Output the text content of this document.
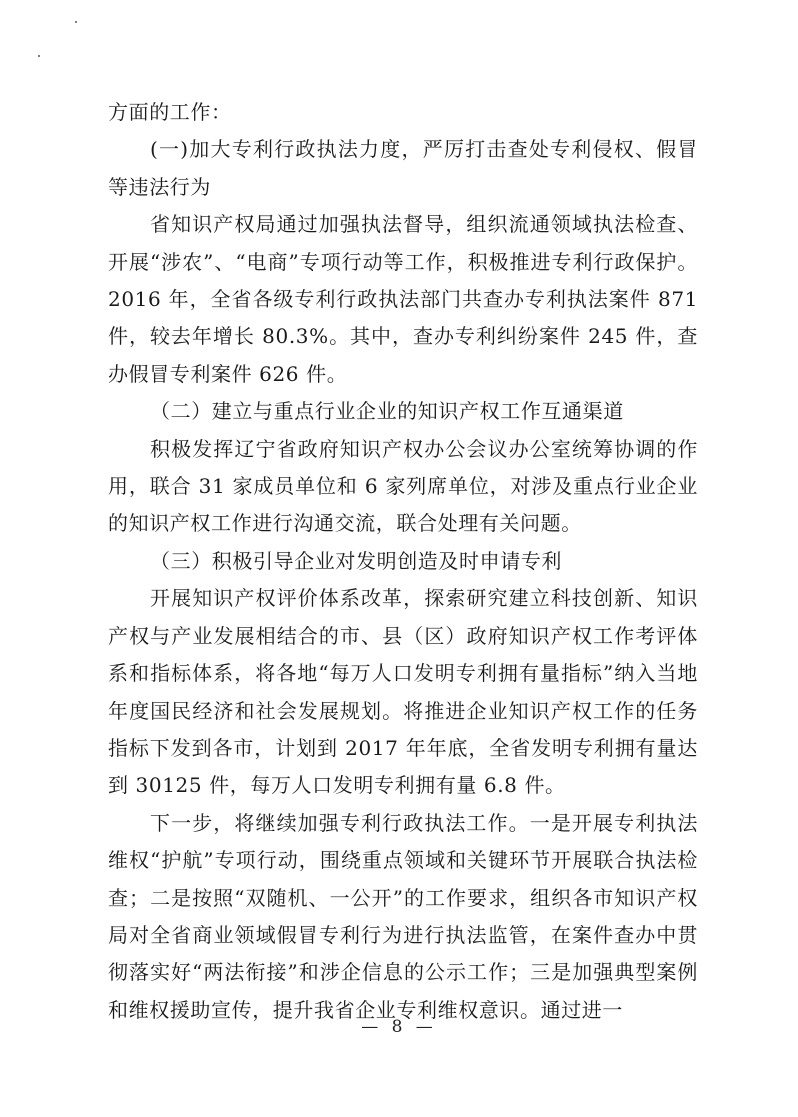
方面的工作：

(一)加大专利行政执法力度，严厉打击查处专利侵权、假冒等违法行为

省知识产权局通过加强执法督导，组织流通领域执法检查、开展“涉农”、“电商”专项行动等工作，积极推进专利行政保护。2016 年，全省各级专利行政执法部门共查办专利执法案件 871件，较去年增长 80.3%。其中，查办专利纠纷案件 245 件，查办假冒专利案件 626 件。

（二）建立与重点行业企业的知识产权工作互通渠道

积极发挥辽宁省政府知识产权办公会议办公室统筹协调的作用，联合 31 家成员单位和 6 家列席单位，对涉及重点行业企业的知识产权工作进行沟通交流，联合处理有关问题。

（三）积极引导企业对发明创造及时申请专利

开展知识产权评价体系改革，探索研究建立科技创新、知识产权与产业发展相结合的市、县（区）政府知识产权工作考评体系和指标体系，将各地“每万人口发明专利拥有量指标”纳入当地年度国民经济和社会发展规划。将推进企业知识产权工作的任务指标下发到各市，计划到 2017 年年底，全省发明专利拥有量达到 30125 件，每万人口发明专利拥有量 6.8 件。

下一步，将继续加强专利行政执法工作。一是开展专利执法维权“护航”专项行动，围绕重点领域和关键环节开展联合执法检查；二是按照“双随机、一公开”的工作要求，组织各市知识产权局对全省商业领域假冒专利行为进行执法监管，在案件查办中贯彻落实好“两法衔接”和涉企信息的公示工作；三是加强典型案例和维权援助宣传，提升我省企业专利维权意识。通过进一

— 8 —
